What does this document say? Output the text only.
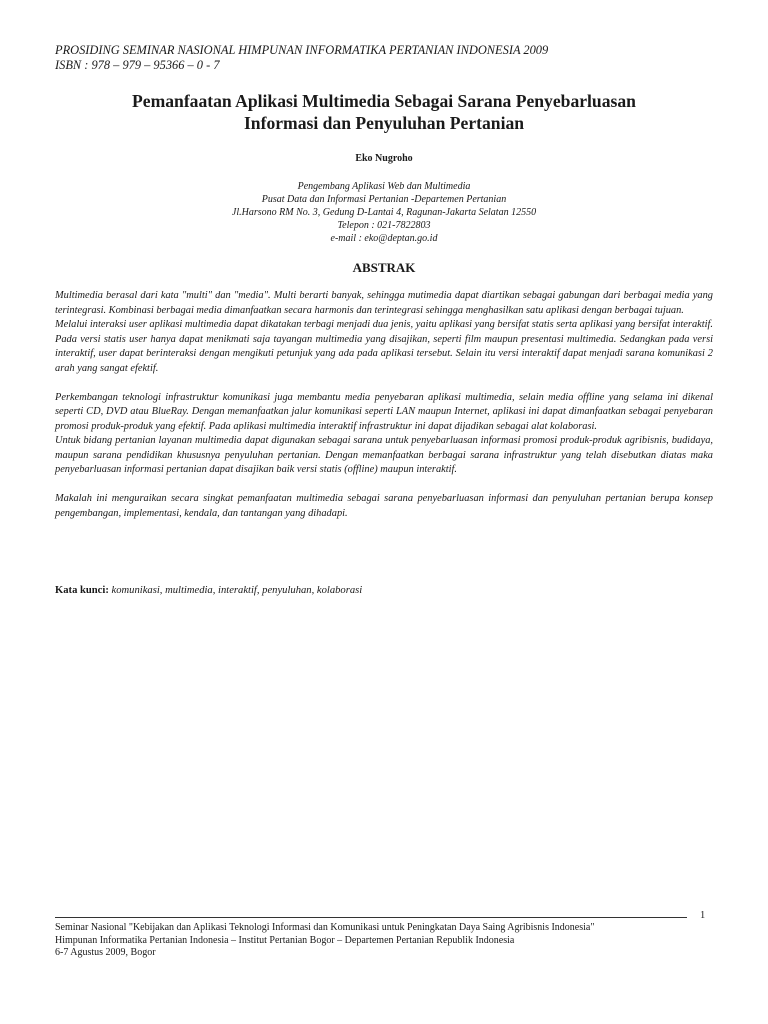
PROSIDING SEMINAR NASIONAL HIMPUNAN INFORMATIKA PERTANIAN INDONESIA 2009
ISBN : 978 – 979 – 95366 – 0 - 7
Pemanfaatan Aplikasi Multimedia Sebagai Sarana Penyebarluasan
Informasi dan Penyuluhan Pertanian
Eko Nugroho
Pengembang Aplikasi Web dan Multimedia
Pusat Data dan Informasi Pertanian -Departemen Pertanian
Jl.Harsono RM No. 3, Gedung D-Lantai 4, Ragunan-Jakarta Selatan 12550
Telepon : 021-7822803
e-mail : eko@deptan.go.id
ABSTRAK

Multimedia berasal dari kata "multi" dan "media". Multi berarti banyak, sehingga mutimedia dapat diartikan sebagai gabungan dari berbagai media yang terintegrasi. Kombinasi berbagai media dimanfaatkan secara harmonis dan terintegrasi sehingga menghasilkan satu aplikasi dengan berbagai tujuan.

Melalui interaksi user aplikasi multimedia dapat dikatakan terbagi menjadi dua jenis, yaitu aplikasi yang bersifat statis serta aplikasi yang bersifat interaktif. Pada versi statis user hanya dapat menikmati saja tayangan multimedia yang disajikan, seperti film maupun presentasi multimedia. Sedangkan pada versi interaktif, user dapat berinteraksi dengan mengikuti petunjuk yang ada pada aplikasi tersebut. Selain itu versi interaktif dapat menjadi sarana komunikasi 2 arah yang sangat efektif.

Perkembangan teknologi infrastruktur komunikasi juga membantu media penyebaran aplikasi multimedia, selain media offline yang selama ini dikenal seperti CD, DVD atau BlueRay. Dengan memanfaatkan jalur komunikasi seperti LAN maupun Internet, aplikasi ini dapat dimanfaatkan sebagai penyebaran promosi produk-produk yang efektif. Pada aplikasi multimedia interaktif infrastruktur ini dapat dijadikan sebagai alat kolaborasi.

Untuk bidang pertanian layanan multimedia dapat digunakan sebagai sarana untuk penyebarluasan informasi promosi produk-produk agribisnis, budidaya, maupun sarana pendidikan khususnya penyuluhan pertanian. Dengan memanfaatkan berbagai sarana infrastruktur yang telah disebutkan diatas maka penyebarluasan informasi pertanian dapat disajikan baik versi statis (offline) maupun interaktif.

Makalah ini menguraikan secara singkat pemanfaatan multimedia sebagai sarana penyebarluasan informasi dan penyuluhan pertanian berupa konsep pengembangan, implementasi, kendala, dan tantangan yang dihadapi.

Kata kunci: komunikasi, multimedia, interaktif, penyuluhan, kolaborasi
1
Seminar Nasional "Kebijakan dan Aplikasi Teknologi Informasi dan Komunikasi untuk Peningkatan Daya Saing Agribisnis Indonesia"
Himpunan Informatika Pertanian Indonesia – Institut Pertanian Bogor – Departemen Pertanian Republik Indonesia
6-7 Agustus 2009, Bogor
